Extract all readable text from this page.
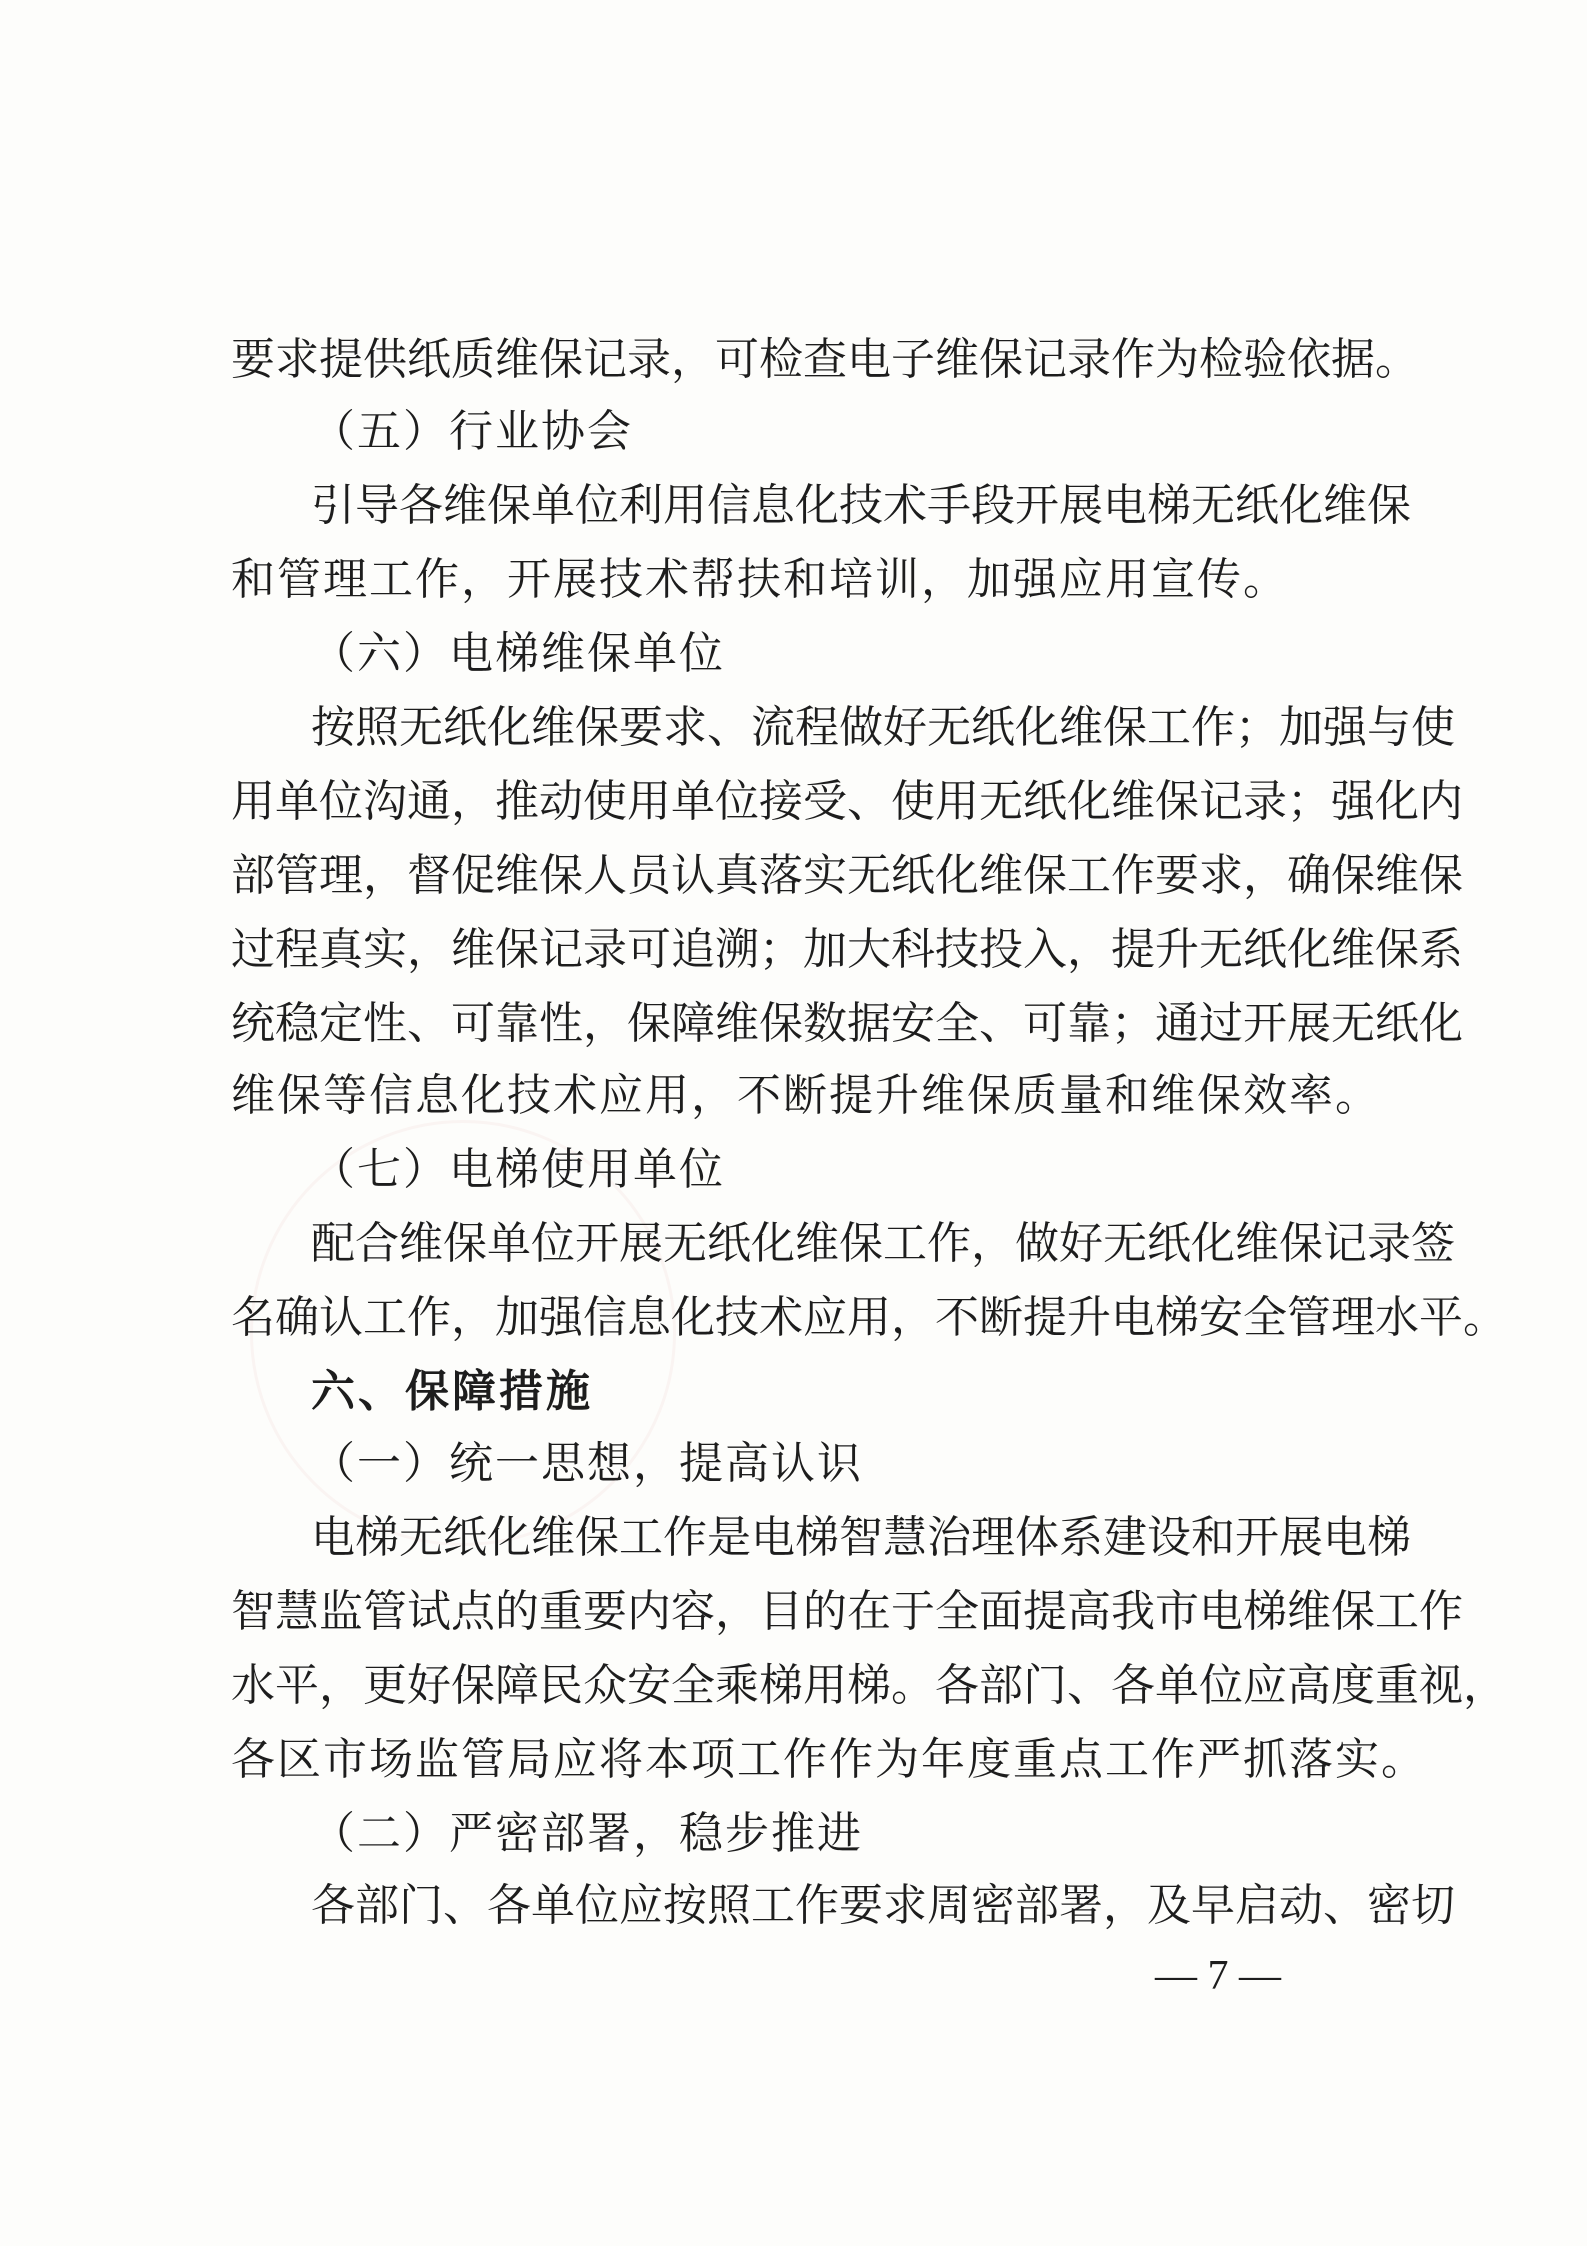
要 求 提 供 纸 质 维 保 记 录 ， 可 检 查 电 子 维 保 记 录 作 为 检 验 依 据 。
（五）行业协会
引 导 各 维 保 单 位 利 用 信 息 化 技 术 手 段 开 展 电 梯 无 纸 化 维 保
和管理工作，开展技术帮扶和培训，加强应用宣传。
（六）电梯维保单位
按 照 无 纸 化 维 保 要 求 、 流 程 做 好 无 纸 化 维 保 工 作 ； 加 强 与 使
用 单 位 沟 通 ， 推 动 使 用 单 位 接 受 、 使 用 无 纸 化 维 保 记 录 ； 强 化 内
部 管 理 ， 督 促 维 保 人 员 认 真 落 实 无 纸 化 维 保 工 作 要 求 ， 确 保 维 保
过 程 真 实 ， 维 保 记 录 可 追 溯 ； 加 大 科 技 投 入 ， 提 升 无 纸 化 维 保 系
统 稳 定 性 、 可 靠 性 ， 保 障 维 保 数 据 安 全 、 可 靠 ； 通 过 开 展 无 纸 化
维保等信息化技术应用，不断提升维保质量和维保效率。
（七）电梯使用单位
配 合 维 保 单 位 开 展 无 纸 化 维 保 工 作 ， 做 好 无 纸 化 维 保 记 录 签
名 确 认 工 作 ， 加 强 信 息 化 技 术 应 用 ， 不 断 提 升 电 梯 安 全 管 理 水 平 。
六、保障措施
（一）统一思想，提高认识
电 梯 无 纸 化 维 保 工 作 是 电 梯 智 慧 治 理 体 系 建 设 和 开 展 电 梯
智 慧 监 管 试 点 的 重 要 内 容 ， 目 的 在 于 全 面 提 高 我 市 电 梯 维 保 工 作
水 平 ， 更 好 保 障 民 众 安 全 乘 梯 用 梯 。 各 部 门 、 各 单 位 应 高 度 重 视 ，
各区市场监管局应将本项工作作为年度重点工作严抓落实。
（二）严密部署，稳步推进
各 部 门 、 各 单 位 应 按 照 工 作 要 求 周 密 部 署 ， 及 早 启 动 、 密 切
— 7 —
